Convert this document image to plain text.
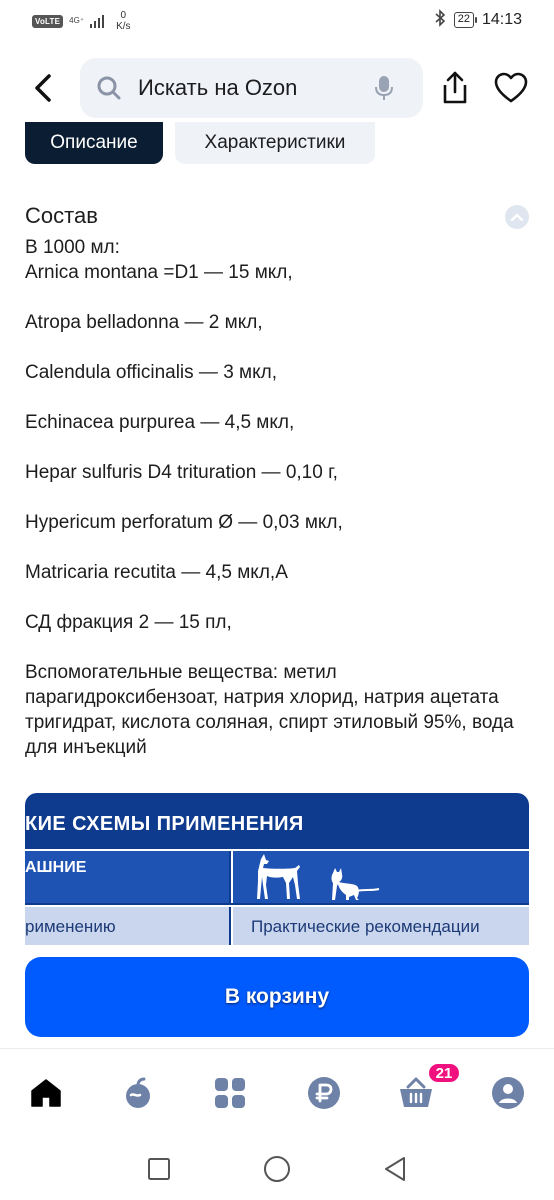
VoLTE	4G⁺	0
K/s
22 14:13
Искать на Ozon
Описание	Характеристики
Состав

В 1000 мл:

Arnica montana =D1 — 15 мкл,

Atropa belladonna — 2 мкл,

Calendula officinalis — 3 мкл,

Echinacea purpurea — 4,5 мкл,

Hepar sulfuris D4 trituration — 0,10 г,

Hypericum perforatum Ø — 0,03 мкл,

Matricaria recutita — 4,5 мкл,А

СД фракция 2 — 15 пл,

Вспомогательные вещества: метил парагидроксибензоат, натрия хлорид, натрия ацетата тригидрат, кислота соляная, спирт этиловый 95%, вода для инъекций

КИЕ СХЕМЫ ПРИМЕНЕНИЯ
АШНИЕ
рименению	Практические рекомендации
В корзину
21
